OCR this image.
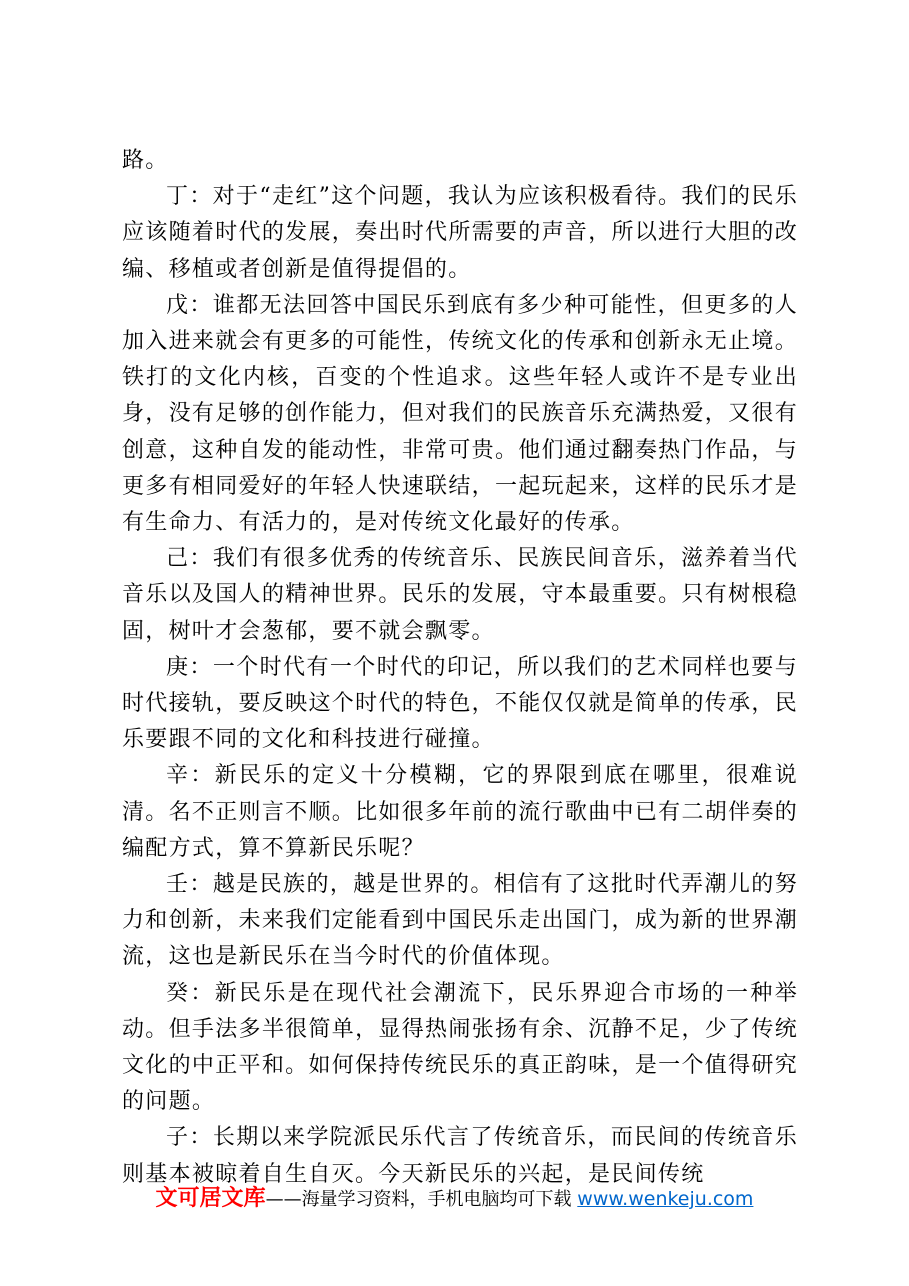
路。

丁：对于“走红”这个问题，我认为应该积极看待。我们的民乐应该随着时代的发展，奏出时代所需要的声音，所以进行大胆的改编、移植或者创新是值得提倡的。

戊：谁都无法回答中国民乐到底有多少种可能性，但更多的人加入进来就会有更多的可能性，传统文化的传承和创新永无止境。铁打的文化内核，百变的个性追求。这些年轻人或许不是专业出身，没有足够的创作能力，但对我们的民族音乐充满热爱，又很有创意，这种自发的能动性，非常可贵。他们通过翻奏热门作品，与更多有相同爱好的年轻人快速联结，一起玩起来，这样的民乐才是有生命力、有活力的，是对传统文化最好的传承。

己：我们有很多优秀的传统音乐、民族民间音乐，滋养着当代音乐以及国人的精神世界。民乐的发展，守本最重要。只有树根稳固，树叶才会葱郁，要不就会飘零。

庚：一个时代有一个时代的印记，所以我们的艺术同样也要与时代接轨，要反映这个时代的特色，不能仅仅就是简单的传承，民乐要跟不同的文化和科技进行碰撞。

辛：新民乐的定义十分模糊，它的界限到底在哪里，很难说清。名不正则言不顺。比如很多年前的流行歌曲中已有二胡伴奏的编配方式，算不算新民乐呢？

壬：越是民族的，越是世界的。相信有了这批时代弄潮儿的努力和创新，未来我们定能看到中国民乐走出国门，成为新的世界潮流，这也是新民乐在当今时代的价值体现。

癸：新民乐是在现代社会潮流下，民乐界迎合市场的一种举动。但手法多半很简单，显得热闹张扬有余、沉静不足，少了传统文化的中正平和。如何保持传统民乐的真正韵味，是一个值得研究的问题。

子：长期以来学院派民乐代言了传统音乐，而民间的传统音乐则基本被晾着自生自灭。今天新民乐的兴起，是民间传统

文可居文库——海量学习资料，手机电脑均可下载 www.wenkeju.com
